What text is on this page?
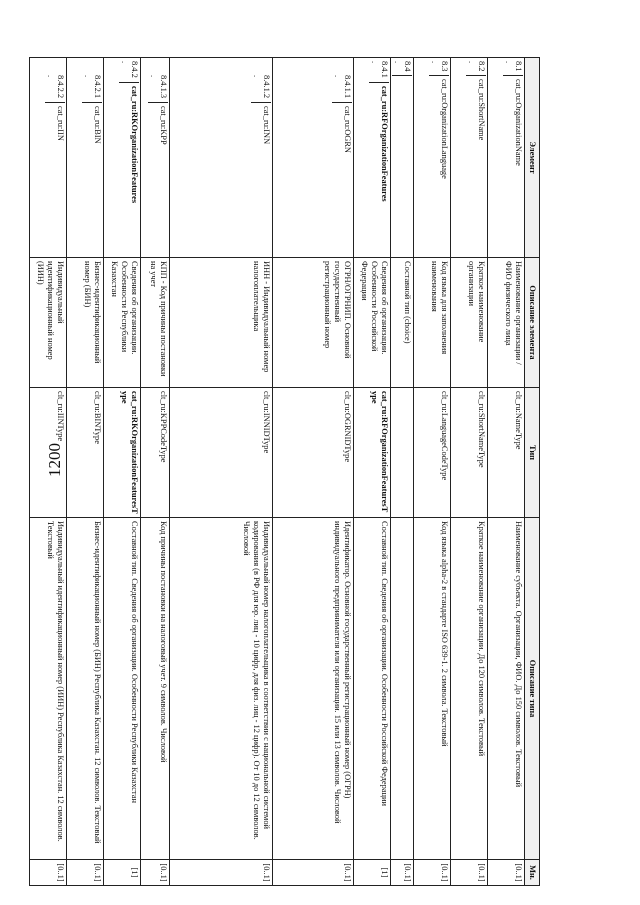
1200
Элемент	Описание элемента	Тип	Описание типа	Мн.

8.1.
cat_ru:OrganizationName	Наименование организации / ФИО физического лица	clt_ru:NameType	Наименование субъекта. Организации, ФИО. До 150 символов. Текстовый	[0..1]

8.2.
cat_ru:ShortName	Краткое наименование организации	clt_ru:ShortNameType	Краткое наименование организации. До 120 символов. Текстовый	[0..1]

8.3.
cat_ru:OrganizationLanguage	Код языка для заполнения наименования	clt_ru:LanguageCodeType	Код языка alpha-2 в стандарте ISO 639-1. 2 символа. Текстовый	[0..1]

8.4.	Составной тип (choice)			[0..1]

8.4.1.
cat_ru:RFOrganizationFeatures	Сведения об организации. Особенности Российской Федерации	cat_ru:RFOrganizationFeaturesType	Составной тип. Сведения об организации. Особенности Российской Федерации	[1]

8.4.1.1.
cat_ru:OGRN	ОГРН/ОГРНИП. Основной государственный регистрационный номер	clt_ru:OGRNIDType	Идентификатор. Основной государственный регистрационный номер (ОГРН) индивидуального предпринимателя или организации. 15 или 13 символов. Числовой	[0..1]

8.4.1.2.
cat_ru:INN	ИНН - Индивидуальный номер налогоплательщика	clt_ru:INNIDType	Индивидуальный номер налогоплательщика в соответствии с национальной системой кодирования (в РФ для юр. лиц - 10 цифр, для физ. лиц - 12 цифр). От 10 до 12 символов. Числовой	[0..1]

8.4.1.3.
cat_ru:KPP	КПП - Код причины постановки на учет	clt_ru:KPPCodeType	Код причины постановки на налоговый учет. 9 символов. Числовой	[0..1]

8.4.2.
cat_ru:RKOrganizationFeatures	Сведения об организации. Особенности Республики Казахстан	cat_ru:RKOrganizationFeaturesType	Составной тип. Сведения об организации. Особенности Республики Казахстан	[1]

8.4.2.1.
cat_ru:BIN	Бизнес-идентификационный номер (БИН)	clt_ru:BINType	Бизнес-идентификационный номер (БИН) Республика Казахстан. 12 символов. Текстовый	[0..1]

8.4.2.2.
cat_ru:IIN	Индивидуальный идентификационный номер (ИИН)	clt_ru:IINType	Индивидуальный идентификационный номер (ИИН) Республика Казахстан. 12 символов. Текстовый	[0..1]
